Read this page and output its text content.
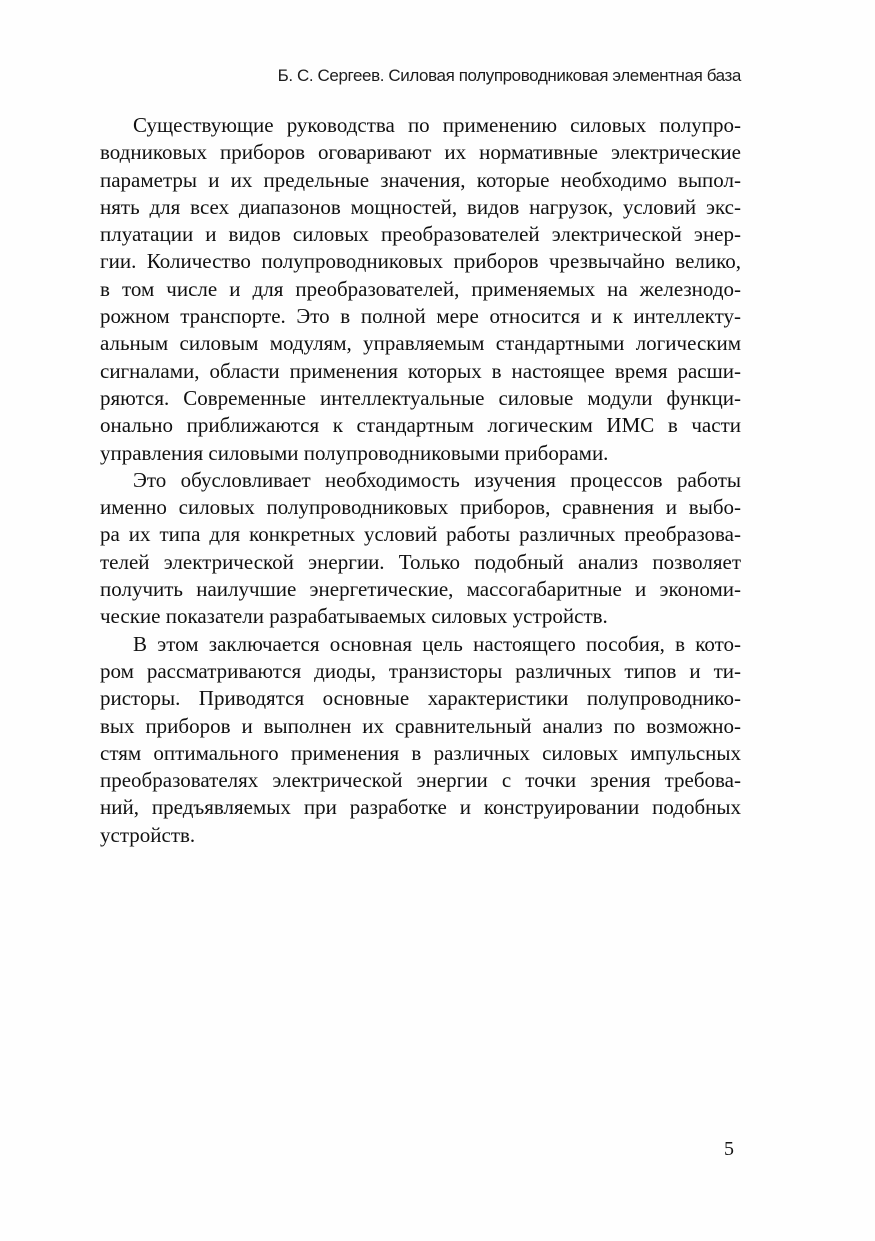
Б. С. Сергеев. Силовая полупроводниковая элементная база
Существующие руководства по применению силовых полупро-
водниковых приборов оговаривают их нормативные электрические
параметры и их предельные значения, которые необходимо выпол-
нять для всех диапазонов мощностей, видов нагрузок, условий экс-
плуатации и видов силовых преобразователей электрической энер-
гии. Количество полупроводниковых приборов чрезвычайно велико,
в том числе и для преобразователей, применяемых на железнодо-
рожном транспорте. Это в полной мере относится и к интеллекту-
альным силовым модулям, управляемым стандартными логическим
сигналами, области применения которых в настоящее время расши-
ряются. Современные интеллектуальные силовые модули функци-
онально приближаются к стандартным логическим ИМС в части
управления силовыми полупроводниковыми приборами.
Это обусловливает необходимость изучения процессов работы
именно силовых полупроводниковых приборов, сравнения и выбо-
ра их типа для конкретных условий работы различных преобразова-
телей электрической энергии. Только подобный анализ позволяет
получить наилучшие энергетические, массогабаритные и экономи-
ческие показатели разрабатываемых силовых устройств.
В этом заключается основная цель настоящего пособия, в кото-
ром рассматриваются диоды, транзисторы различных типов и ти-
ристоры. Приводятся основные характеристики полупроводнико-
вых приборов и выполнен их сравнительный анализ по возможно-
стям оптимального применения в различных силовых импульсных
преобразователях электрической энергии с точки зрения требова-
ний, предъявляемых при разработке и конструировании подобных
устройств.
5
